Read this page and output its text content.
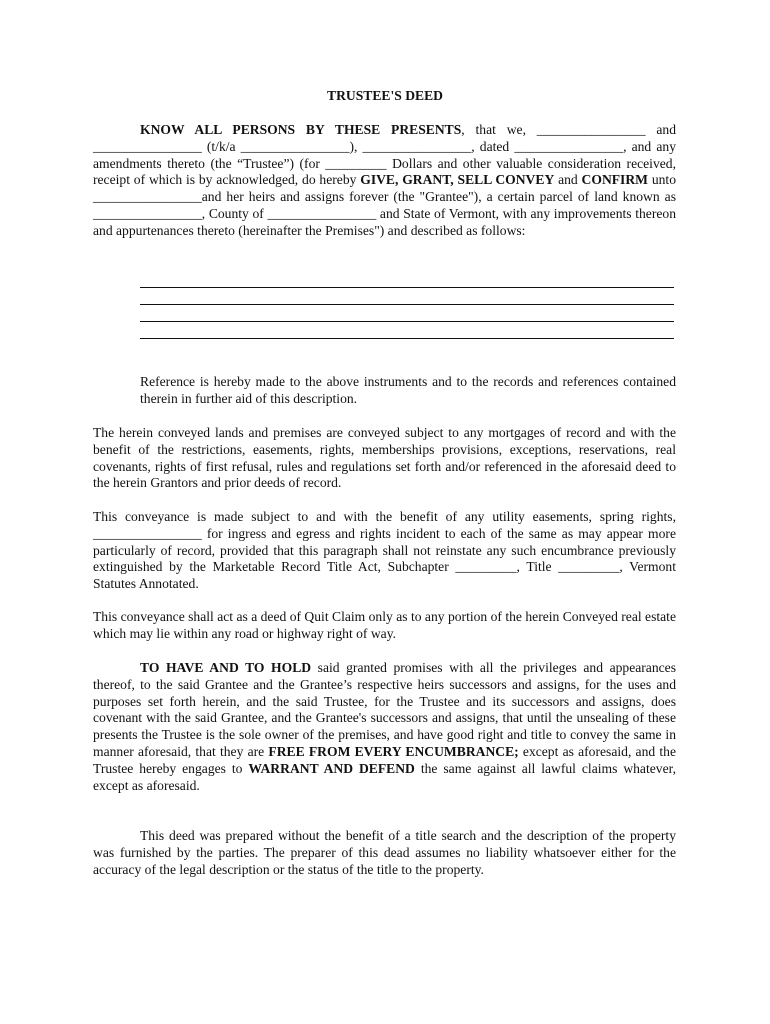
TRUSTEE'S DEED

KNOW ALL PERSONS BY THESE PRESENTS, that we, ________________ and ________________ (t/k/a ________________), ________________, dated ________________, and any amendments thereto (the “Trustee”) (for _________ Dollars and other valuable consideration received, receipt of which is by acknowledged, do hereby GIVE, GRANT, SELL CONVEY and CONFIRM unto ________________and her heirs and assigns forever (the "Grantee"), a certain parcel of land known as ________________, County of ________________ and State of Vermont, with any improvements thereon and appurtenances thereto (hereinafter the Premises") and described as follows:

Reference is hereby made to the above instruments and to the records and references contained therein in further aid of this description.

The herein conveyed lands and premises are conveyed subject to any mortgages of record and with the benefit of the restrictions, easements, rights, memberships provisions, exceptions, reservations, real covenants, rights of first refusal, rules and regulations set forth and/or referenced in the aforesaid deed to the herein Grantors and prior deeds of record.

This conveyance is made subject to and with the benefit of any utility easements, spring rights, ________________ for ingress and egress and rights incident to each of the same as may appear more particularly of record, provided that this paragraph shall not reinstate any such encumbrance previously extinguished by the Marketable Record Title Act, Subchapter _________, Title _________, Vermont Statutes Annotated.

This conveyance shall act as a deed of Quit Claim only as to any portion of the herein Conveyed real estate which may lie within any road or highway right of way.

TO HAVE AND TO HOLD said granted promises with all the privileges and appearances thereof, to the said Grantee and the Grantee’s respective heirs successors and assigns, for the uses and purposes set forth herein, and the said Trustee, for the Trustee and its successors and assigns, does covenant with the said Grantee, and the Grantee's successors and assigns, that until the unsealing of these presents the Trustee is the sole owner of the premises, and have good right and title to convey the same in manner aforesaid, that they are FREE FROM EVERY ENCUMBRANCE; except as aforesaid, and the Trustee hereby engages to WARRANT AND DEFEND the same against all lawful claims whatever, except as aforesaid.

This deed was prepared without the benefit of a title search and the description of the property was furnished by the parties. The preparer of this dead assumes no liability whatsoever either for the accuracy of the legal description or the status of the title to the property.
